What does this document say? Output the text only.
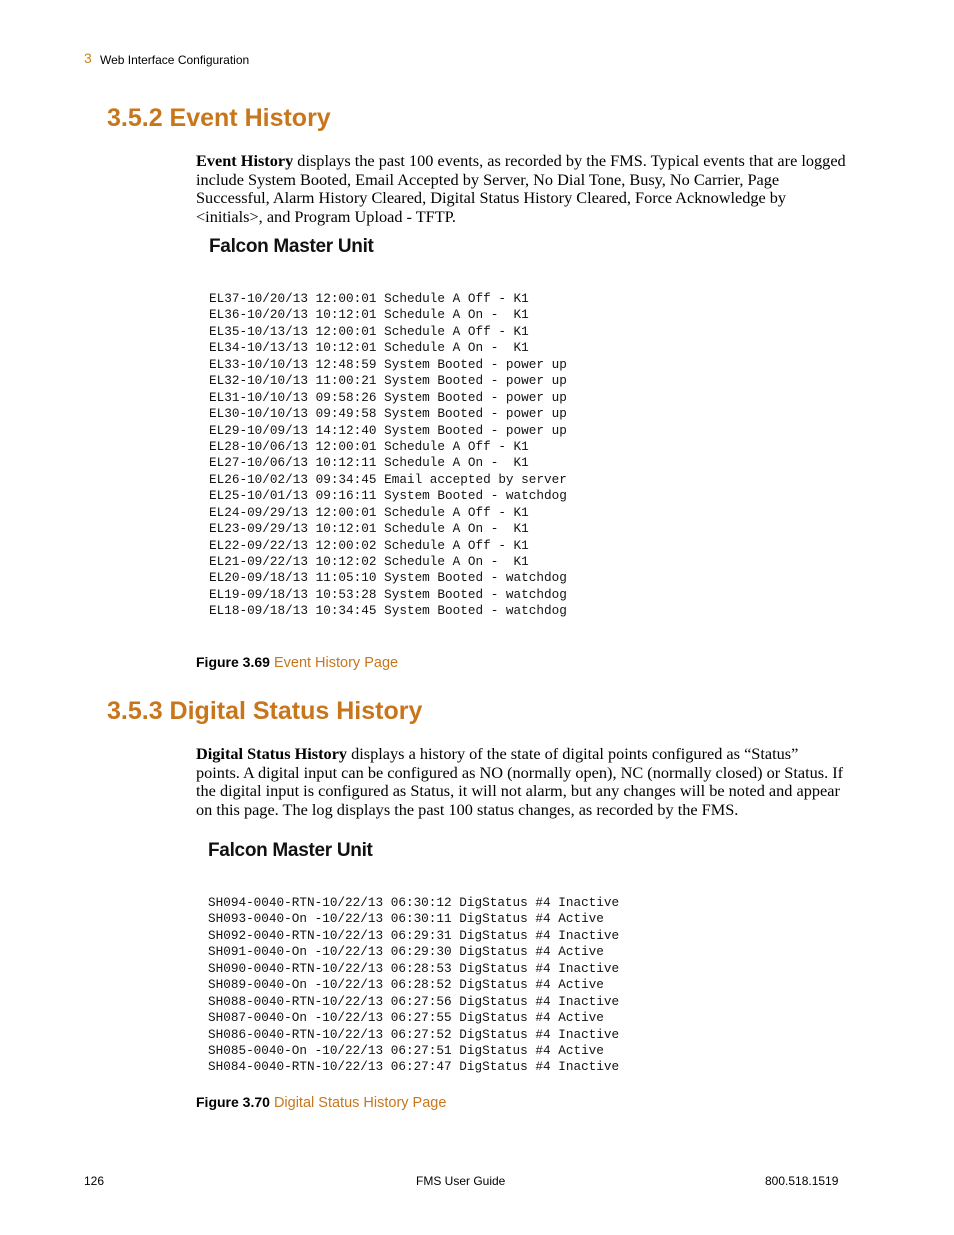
3 Web Interface Configuration
3.5.2 Event History

Event History displays the past 100 events, as recorded by the FMS. Typical events that are logged include System Booted, Email Accepted by Server, No Dial Tone, Busy, No Carrier, Page Successful, Alarm History Cleared, Digital Status History Cleared, Force Acknowledge by <initials>, and Program Upload - TFTP.

Falcon Master Unit
EL37-10/20/13 12:00:01 Schedule A Off - K1
EL36-10/20/13 10:12:01 Schedule A On -  K1
EL35-10/13/13 12:00:01 Schedule A Off - K1
EL34-10/13/13 10:12:01 Schedule A On -  K1
EL33-10/10/13 12:48:59 System Booted - power up
EL32-10/10/13 11:00:21 System Booted - power up
EL31-10/10/13 09:58:26 System Booted - power up
EL30-10/10/13 09:49:58 System Booted - power up
EL29-10/09/13 14:12:40 System Booted - power up
EL28-10/06/13 12:00:01 Schedule A Off - K1
EL27-10/06/13 10:12:11 Schedule A On -  K1
EL26-10/02/13 09:34:45 Email accepted by server
EL25-10/01/13 09:16:11 System Booted - watchdog
EL24-09/29/13 12:00:01 Schedule A Off - K1
EL23-09/29/13 10:12:01 Schedule A On -  K1
EL22-09/22/13 12:00:02 Schedule A Off - K1
EL21-09/22/13 10:12:02 Schedule A On -  K1
EL20-09/18/13 11:05:10 System Booted - watchdog
EL19-09/18/13 10:53:28 System Booted - watchdog
EL18-09/18/13 10:34:45 System Booted - watchdog
Figure 3.69 Event History Page
3.5.3 Digital Status History

Digital Status History displays a history of the state of digital points configured as “Status” points. A digital input can be configured as NO (normally open), NC (normally closed) or Status. If the digital input is configured as Status, it will not alarm, but any changes will be noted and appear on this page. The log displays the past 100 status changes, as recorded by the FMS.

Falcon Master Unit
SH094-0040-RTN-10/22/13 06:30:12 DigStatus #4 Inactive
SH093-0040-On -10/22/13 06:30:11 DigStatus #4 Active
SH092-0040-RTN-10/22/13 06:29:31 DigStatus #4 Inactive
SH091-0040-On -10/22/13 06:29:30 DigStatus #4 Active
SH090-0040-RTN-10/22/13 06:28:53 DigStatus #4 Inactive
SH089-0040-On -10/22/13 06:28:52 DigStatus #4 Active
SH088-0040-RTN-10/22/13 06:27:56 DigStatus #4 Inactive
SH087-0040-On -10/22/13 06:27:55 DigStatus #4 Active
SH086-0040-RTN-10/22/13 06:27:52 DigStatus #4 Inactive
SH085-0040-On -10/22/13 06:27:51 DigStatus #4 Active
SH084-0040-RTN-10/22/13 06:27:47 DigStatus #4 Inactive
Figure 3.70 Digital Status History Page
126	FMS User Guide	800.518.1519
